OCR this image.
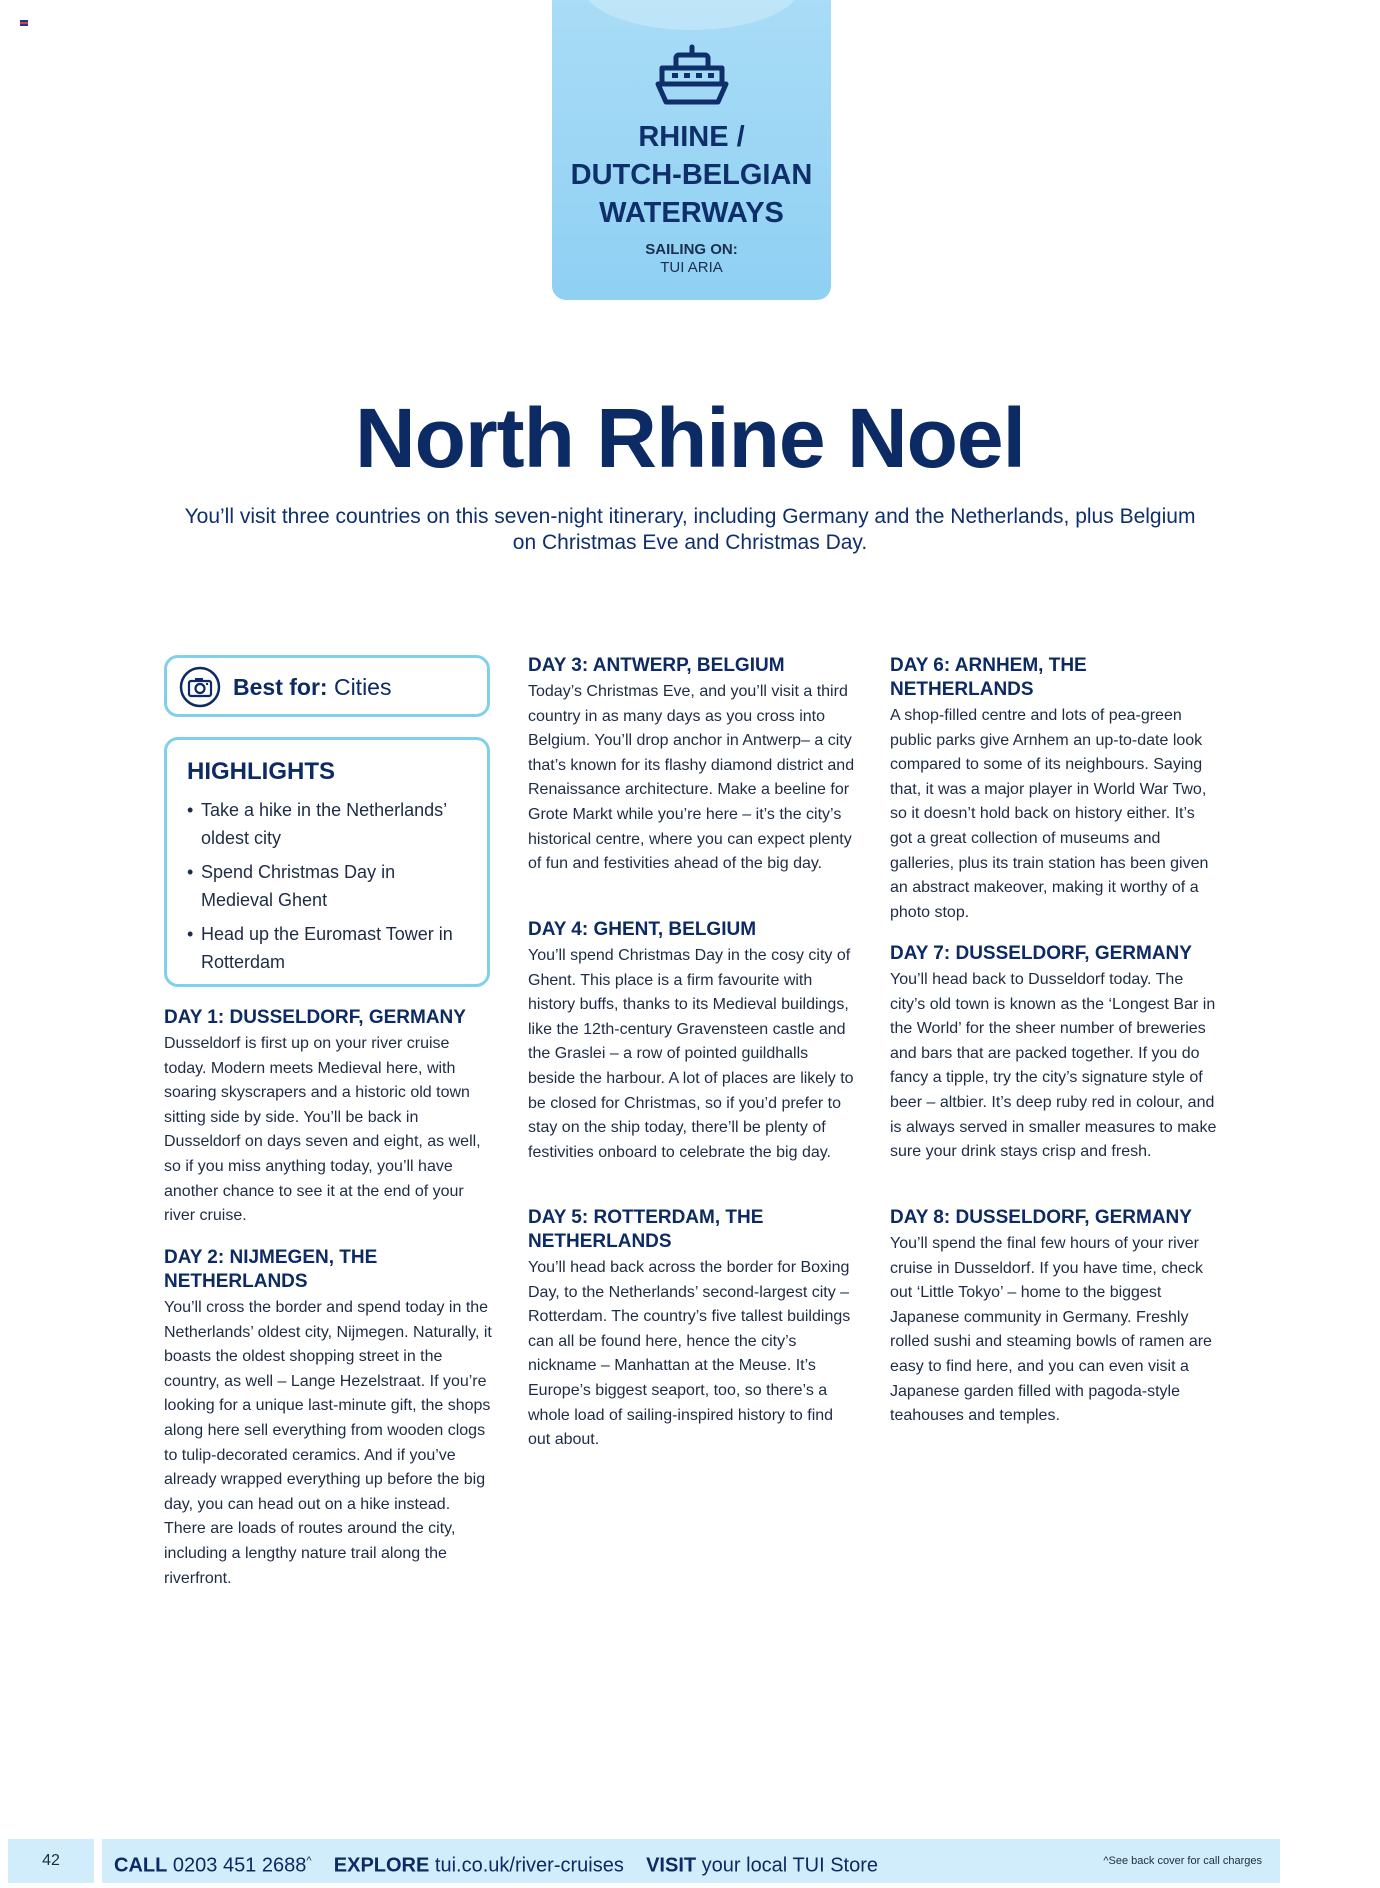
RHINE /
DUTCH-BELGIAN
WATERWAYS
SAILING ON:
TUI ARIA
North Rhine Noel

You’ll visit three countries on this seven-night itinerary, including Germany and the Netherlands, plus Belgium on Christmas Eve and Christmas Day.

Best for: Cities
HIGHLIGHTS
• Take a hike in the Netherlands’ oldest city
• Spend Christmas Day in Medieval Ghent
• Head up the Euromast Tower in Rotterdam
DAY 1: DUSSELDORF, GERMANY

Dusseldorf is first up on your river cruise today. Modern meets Medieval here, with soaring skyscrapers and a historic old town sitting side by side. You’ll be back in Dusseldorf on days seven and eight, as well, so if you miss anything today, you’ll have another chance to see it at the end of your river cruise.

DAY 2: NIJMEGEN, THE NETHERLANDS

You’ll cross the border and spend today in the Netherlands’ oldest city, Nijmegen. Naturally, it boasts the oldest shopping street in the country, as well – Lange Hezelstraat. If you’re looking for a unique last-minute gift, the shops along here sell everything from wooden clogs to tulip-decorated ceramics. And if you’ve already wrapped everything up before the big day, you can head out on a hike instead. There are loads of routes around the city, including a lengthy nature trail along the riverfront.

DAY 3: ANTWERP, BELGIUM

Today’s Christmas Eve, and you’ll visit a third country in as many days as you cross into Belgium. You’ll drop anchor in Antwerp– a city that’s known for its flashy diamond district and Renaissance architecture. Make a beeline for Grote Markt while you’re here – it’s the city’s historical centre, where you can expect plenty of fun and festivities ahead of the big day.

DAY 4: GHENT, BELGIUM

You’ll spend Christmas Day in the cosy city of Ghent. This place is a firm favourite with history buffs, thanks to its Medieval buildings, like the 12th-century Gravensteen castle and the Graslei – a row of pointed guildhalls beside the harbour. A lot of places are likely to be closed for Christmas, so if you’d prefer to stay on the ship today, there’ll be plenty of festivities onboard to celebrate the big day.

DAY 5: ROTTERDAM, THE NETHERLANDS

You’ll head back across the border for Boxing Day, to the Netherlands’ second-largest city – Rotterdam. The country’s five tallest buildings can all be found here, hence the city’s nickname – Manhattan at the Meuse. It’s Europe’s biggest seaport, too, so there’s a whole load of sailing-inspired history to find out about.

DAY 6: ARNHEM, THE NETHERLANDS

A shop-filled centre and lots of pea-green public parks give Arnhem an up-to-date look compared to some of its neighbours. Saying that, it was a major player in World War Two, so it doesn’t hold back on history either. It’s got a great collection of museums and galleries, plus its train station has been given an abstract makeover, making it worthy of a photo stop.

DAY 7: DUSSELDORF, GERMANY

You’ll head back to Dusseldorf today. The city’s old town is known as the ‘Longest Bar in the World’ for the sheer number of breweries and bars that are packed together. If you do fancy a tipple, try the city’s signature style of beer – altbier. It’s deep ruby red in colour, and is always served in smaller measures to make sure your drink stays crisp and fresh.

DAY 8: DUSSELDORF, GERMANY

You’ll spend the final few hours of your river cruise in Dusseldorf. If you have time, check out ‘Little Tokyo’ – home to the biggest Japanese community in Germany. Freshly rolled sushi and steaming bowls of ramen are easy to find here, and you can even visit a Japanese garden filled with pagoda-style teahouses and temples.

42	CALL 0203 451 2688^ EXPLORE tui.co.uk/river-cruises VISIT your local TUI Store	^See back cover for call charges
